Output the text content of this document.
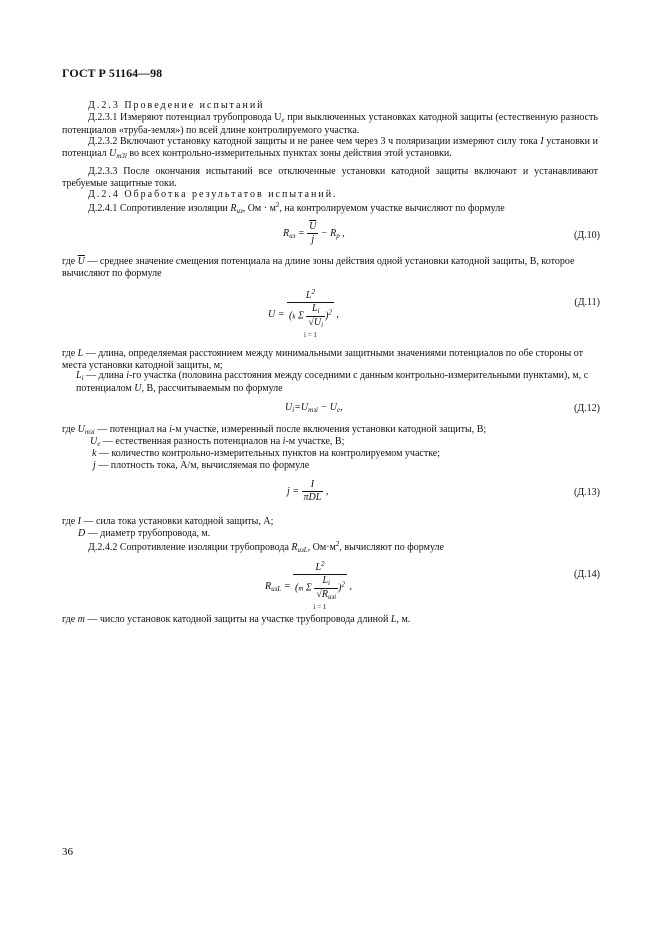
ГОСТ Р 51164—98
Д.2.3 Проведение испытаний
Д.2.3.1 Измеряют потенциал трубопровода $U_е$ при выключенных установках катодной защиты (естественную разность потенциалов «труба-земля») по всей длине контролируемого участка.
Д.2.3.2 Включают установку катодной защиты и не ранее чем через 3 ч поляризации измеряют силу тока I установки и потенциал $U_{т3l}$ во всех контрольно-измерительных пунктах зоны действия этой установки.
Д.2.3.3 После окончания испытаний все отключенные установки катодной защиты включают и устанавливают требуемые защитные токи.
Д.2.4 Обработка результатов испытаний.
Д.2.4.1 Сопротивление изоляции $R_{из}$, Ом · $м^2$, на контролируемом участке вычисляют по формуле
$R_{из} = \frac{\overline{U}}{j} - R_р$ ,	(Д.10)
где $\overline{U}$ — среднее значение смещения потенциала на длине зоны действия одной установки катодной защиты, В, которое вычисляют по формуле
U =
$L^2$
(k Σ $\frac{L_i}{√U_i} )^2$
i = 1
,
(Д.11)
где L — длина, определяемая расстоянием между минимальными защитными значениями потенциалов по обе стороны от места установки катодной защиты, м;
$L_i$ — длина i-го участка (половина расстояния между соседними с данным контрольно-измерительными пунктами), м, с потенциалом U, В, рассчитываемым по формуле
$U_i=U_{тзi} - U_е$,	(Д.12)
где $U_{тзi}$ — потенциал на i-м участке, измеренный после включения установки катодной защиты, В;
$U_е$ — естественная разность потенциалов на i-м участке, В;
k — количество контрольно-измерительных пунктов на контролируемом участке;
j — плотность тока, А/м, вычисляемая по формуле
$j = \frac{I}{\text{πDL}}$ ,	(Д.13)
где I — сила тока установки катодной защиты, А;
D — диаметр трубопровода, м.
Д.2.4.2 Сопротивление изоляции трубопровода $R_{изL}$, $Ом\cdot м^2$, вычисляют по формуле
$R_{изL}$ =
$L^2$
(m Σ $\frac{L_i}{√R_{изi}} )^2$
i = 1
,
(Д.14)
где m — число установок катодной защиты на участке трубопровода длиной L, м.
36
